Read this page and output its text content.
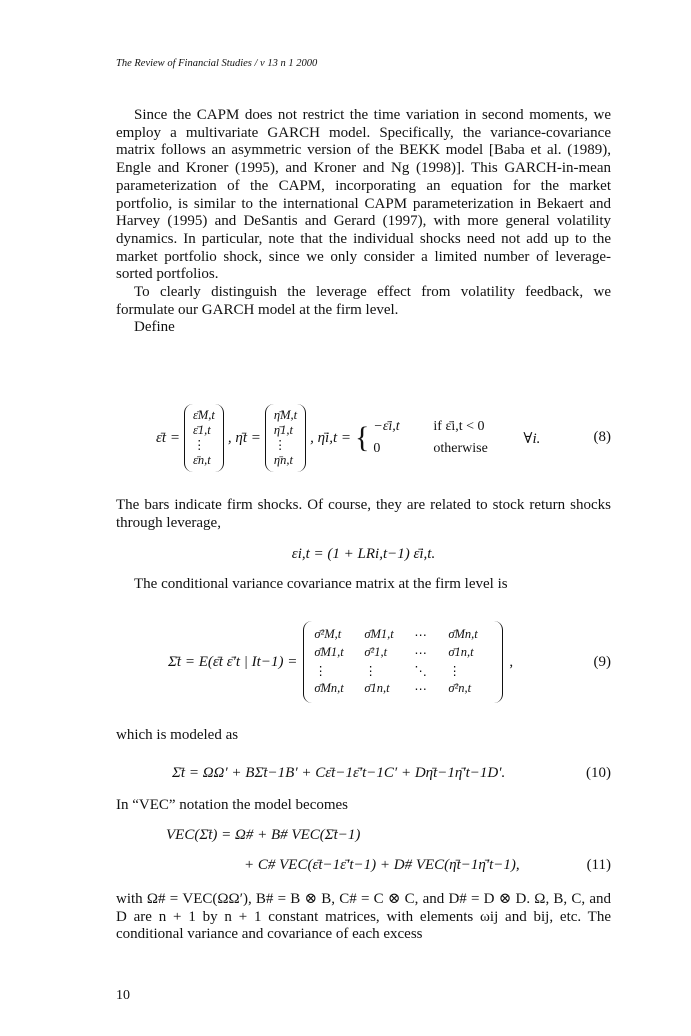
The Review of Financial Studies / v 13 n 1 2000

Since the CAPM does not restrict the time variation in second moments, we employ a multivariate GARCH model. Specifically, the variance-covariance matrix follows an asymmetric version of the BEKK model [Baba et al. (1989), Engle and Kroner (1995), and Kroner and Ng (1998)]. This GARCH-in-mean parameterization of the CAPM, incorporating an equation for the market portfolio, is similar to the international CAPM parameterization in Bekaert and Harvey (1995) and DeSantis and Gerard (1997), with more general volatility dynamics. In particular, note that the individual shocks need not add up to the market portfolio shock, since we only consider a limited number of leverage-sorted portfolios.

To clearly distinguish the leverage effect from volatility feedback, we formulate our GARCH model at the firm level.

Define

ε̄t =
ε̄M,t
ε̄1,t
⋮
ε̄n,t
, η̄t =
η̄M,t
η̄1,t
⋮
η̄n,t
, η̄i,t = { −ε̄i,t	if ε̄i,t < 0
0	otherwise
∀i.	(8)

The bars indicate firm shocks. Of course, they are related to stock return shocks through leverage,

εi,t = (1 + LRi,t−1) ε̄i,t.

The conditional variance covariance matrix at the firm level is

Σ̄t = E(ε̄t ε̄′t | It−1) =
σ̄²M,t	σ̄M1,t	⋯	σ̄Mn,t
σ̄M1,t	σ̄²1,t	⋯	σ̄1n,t
⋮	⋮	⋱	⋮
σ̄Mn,t	σ̄1n,t	⋯	σ̄²n,t
,	(9)

which is modeled as

Σ̄t = ΩΩ′ + BΣ̄t−1B′ + Cε̄t−1ε̄′t−1C′ + Dη̄t−1η̄′t−1D′.	(10)

In “VEC” notation the model becomes

VEC(Σ̄t) = Ω# + B# VEC(Σ̄t−1)
+ C# VEC(ε̄t−1ε̄′t−1) + D# VEC(η̄t−1η̄′t−1),	(11)

with Ω# = VEC(ΩΩ′), B# = B ⊗ B, C# = C ⊗ C, and D# = D ⊗ D. Ω, B, C, and D are n + 1 by n + 1 constant matrices, with elements ωij and bij, etc. The conditional variance and covariance of each excess

10
